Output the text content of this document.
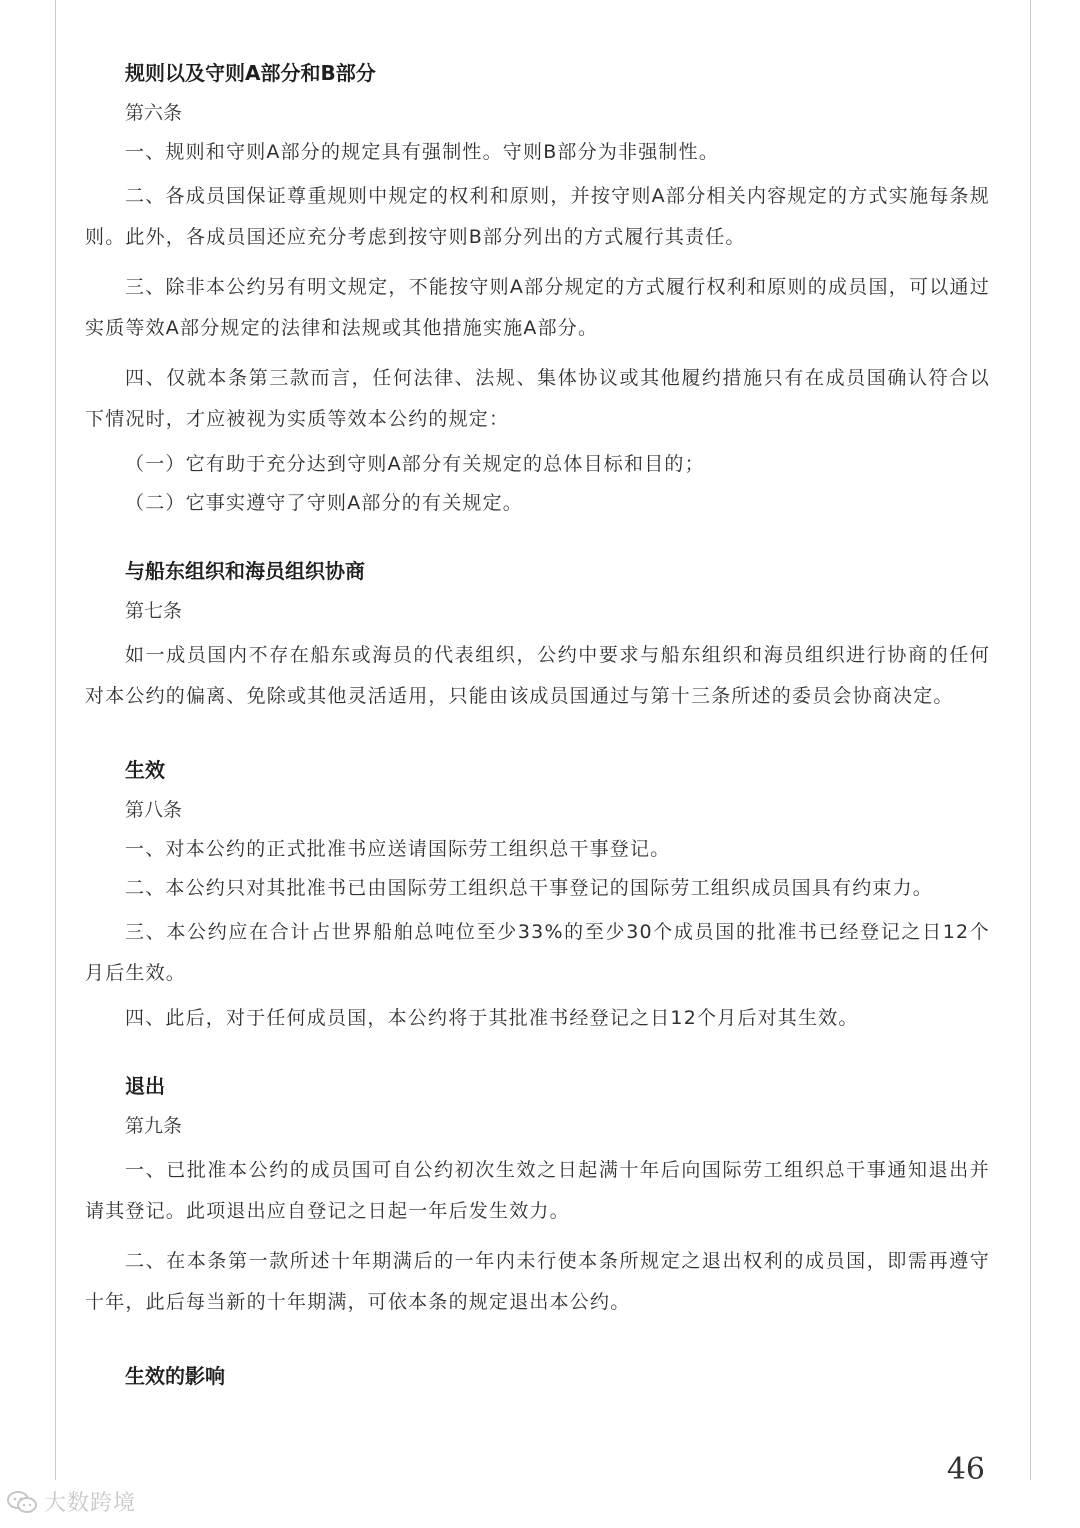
规则以及守则A部分和B部分
第六条

一、规则和守则A部分的规定具有强制性。守则B部分为非强制性。

二、各成员国保证尊重规则中规定的权利和原则，并按守则A部分相关内容规定的方式实施每条规则。此外，各成员国还应充分考虑到按守则B部分列出的方式履行其责任。

三、除非本公约另有明文规定，不能按守则A部分规定的方式履行权利和原则的成员国，可以通过实质等效A部分规定的法律和法规或其他措施实施A部分。

四、仅就本条第三款而言，任何法律、法规、集体协议或其他履约措施只有在成员国确认符合以下情况时，才应被视为实质等效本公约的规定：

（一）它有助于充分达到守则A部分有关规定的总体目标和目的；

（二）它事实遵守了守则A部分的有关规定。

与船东组织和海员组织协商
第七条

如一成员国内不存在船东或海员的代表组织，公约中要求与船东组织和海员组织进行协商的任何对本公约的偏离、免除或其他灵活适用，只能由该成员国通过与第十三条所述的委员会协商决定。

生效
第八条

一、对本公约的正式批准书应送请国际劳工组织总干事登记。

二、本公约只对其批准书已由国际劳工组织总干事登记的国际劳工组织成员国具有约束力。

三、本公约应在合计占世界船舶总吨位至少33%的至少30个成员国的批准书已经登记之日12个月后生效。

四、此后，对于任何成员国，本公约将于其批准书经登记之日12个月后对其生效。

退出
第九条

一、已批准本公约的成员国可自公约初次生效之日起满十年后向国际劳工组织总干事通知退出并请其登记。此项退出应自登记之日起一年后发生效力。

二、在本条第一款所述十年期满后的一年内未行使本条所规定之退出权利的成员国，即需再遵守十年，此后每当新的十年期满，可依本条的规定退出本公约。

生效的影响
46
大数跨境
